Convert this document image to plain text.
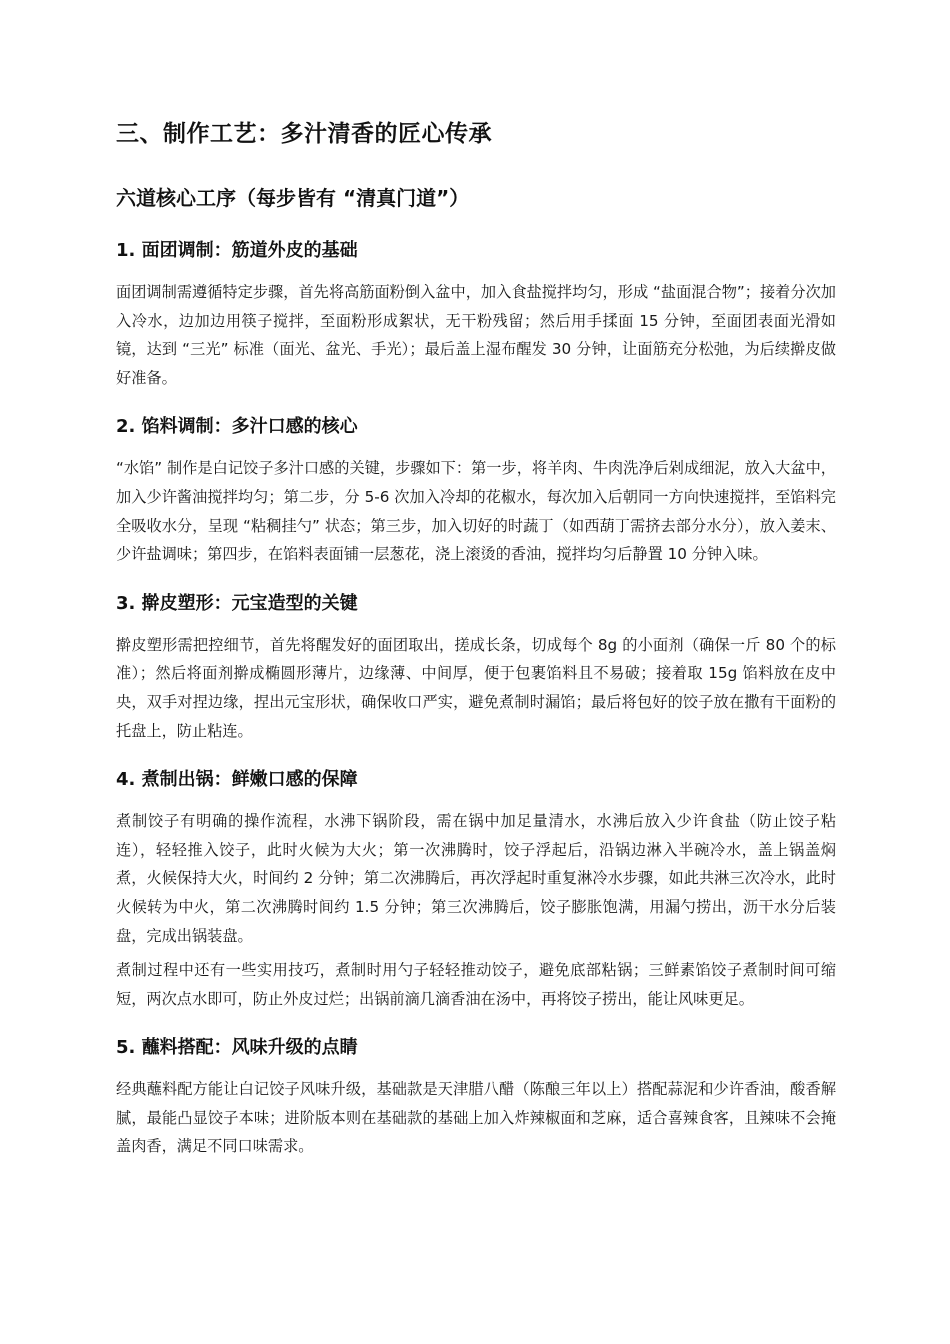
三、制作工艺：多汁清香的匠心传承
六道核心工序（每步皆有 “清真门道”）
1. 面团调制：筋道外皮的基础

面团调制需遵循特定步骤，首先将高筋面粉倒入盆中，加入食盐搅拌均匀，形成 “盐面混合物”；接着分次加入冷水，边加边用筷子搅拌，至面粉形成絮状，无干粉残留；然后用手揉面 15 分钟，至面团表面光滑如镜，达到 “三光” 标准（面光、盆光、手光）；最后盖上湿布醒发 30 分钟，让面筋充分松弛，为后续擀皮做好准备。

2. 馅料调制：多汁口感的核心

“水馅” 制作是白记饺子多汁口感的关键，步骤如下：第一步，将羊肉、牛肉洗净后剁成细泥，放入大盆中，加入少许酱油搅拌均匀；第二步，分 5-6 次加入冷却的花椒水，每次加入后朝同一方向快速搅拌，至馅料完全吸收水分，呈现 “粘稠挂勺” 状态；第三步，加入切好的时蔬丁（如西葫丁需挤去部分水分），放入姜末、少许盐调味；第四步，在馅料表面铺一层葱花，浇上滚烫的香油，搅拌均匀后静置 10 分钟入味。

3. 擀皮塑形：元宝造型的关键

擀皮塑形需把控细节，首先将醒发好的面团取出，搓成长条，切成每个 8g 的小面剂（确保一斤 80 个的标准）；然后将面剂擀成椭圆形薄片，边缘薄、中间厚，便于包裹馅料且不易破；接着取 15g 馅料放在皮中央，双手对捏边缘，捏出元宝形状，确保收口严实，避免煮制时漏馅；最后将包好的饺子放在撒有干面粉的托盘上，防止粘连。

4. 煮制出锅：鲜嫩口感的保障

煮制饺子有明确的操作流程，水沸下锅阶段，需在锅中加足量清水，水沸后放入少许食盐（防止饺子粘连），轻轻推入饺子，此时火候为大火；第一次沸腾时，饺子浮起后，沿锅边淋入半碗冷水，盖上锅盖焖煮，火候保持大火，时间约 2 分钟；第二次沸腾后，再次浮起时重复淋冷水步骤，如此共淋三次冷水，此时火候转为中火，第二次沸腾时间约 1.5 分钟；第三次沸腾后，饺子膨胀饱满，用漏勺捞出，沥干水分后装盘，完成出锅装盘。

煮制过程中还有一些实用技巧，煮制时用勺子轻轻推动饺子，避免底部粘锅；三鲜素馅饺子煮制时间可缩短，两次点水即可，防止外皮过烂；出锅前滴几滴香油在汤中，再将饺子捞出，能让风味更足。

5. 蘸料搭配：风味升级的点睛

经典蘸料配方能让白记饺子风味升级，基础款是天津腊八醋（陈酿三年以上）搭配蒜泥和少许香油，酸香解腻，最能凸显饺子本味；进阶版本则在基础款的基础上加入炸辣椒面和芝麻，适合喜辣食客，且辣味不会掩盖肉香，满足不同口味需求。
